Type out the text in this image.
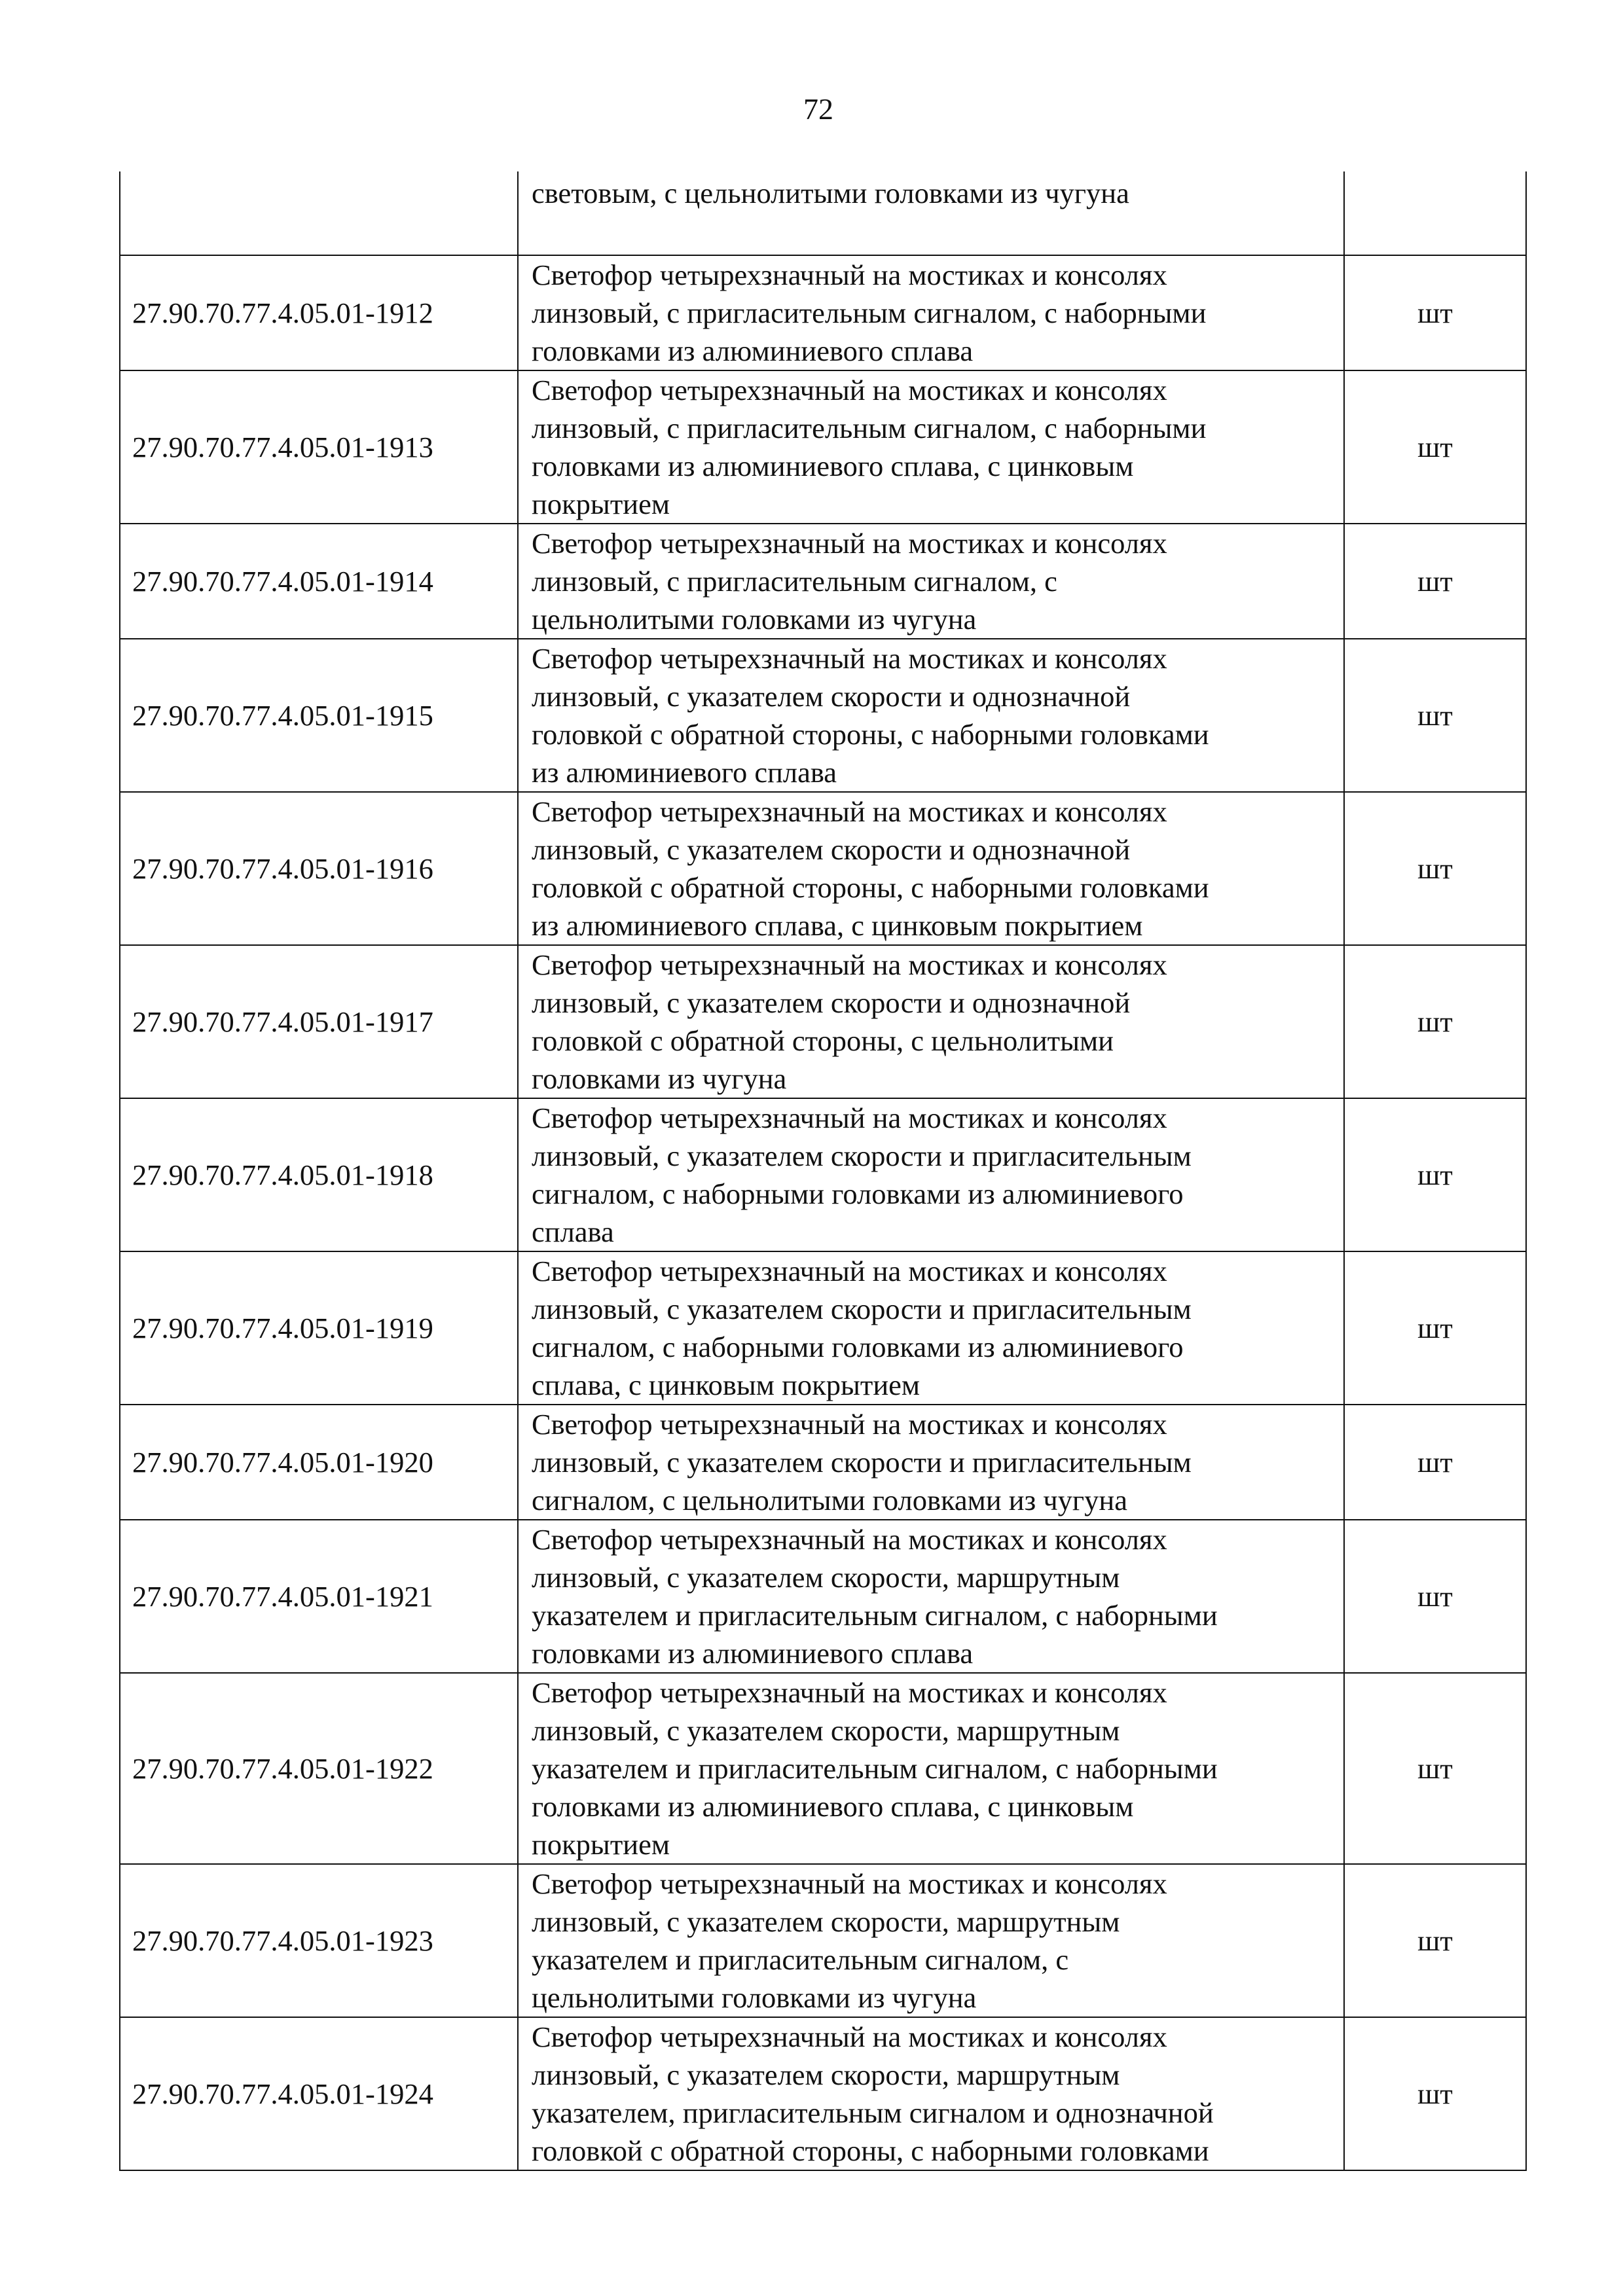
72

	световым, с цельнолитыми головками из чугуна	

27.90.70.77.4.05.01-1912	Светофор четырехзначный на мостиках и консолях
линзовый, с пригласительным сигналом, с наборными
головками из алюминиевого сплава	шт
27.90.70.77.4.05.01-1913	Светофор четырехзначный на мостиках и консолях
линзовый, с пригласительным сигналом, с наборными
головками из алюминиевого сплава, с цинковым
покрытием	шт
27.90.70.77.4.05.01-1914	Светофор четырехзначный на мостиках и консолях
линзовый, с пригласительным сигналом, с
цельнолитыми головками из чугуна	шт
27.90.70.77.4.05.01-1915	Светофор четырехзначный на мостиках и консолях
линзовый, с указателем скорости и однозначной
головкой с обратной стороны, с наборными головками
из алюминиевого сплава	шт
27.90.70.77.4.05.01-1916	Светофор четырехзначный на мостиках и консолях
линзовый, с указателем скорости и однозначной
головкой с обратной стороны, с наборными головками
из алюминиевого сплава, с цинковым покрытием	шт
27.90.70.77.4.05.01-1917	Светофор четырехзначный на мостиках и консолях
линзовый, с указателем скорости и однозначной
головкой с обратной стороны, с цельнолитыми
головками из чугуна	шт
27.90.70.77.4.05.01-1918	Светофор четырехзначный на мостиках и консолях
линзовый, с указателем скорости и пригласительным
сигналом, с наборными головками из алюминиевого
сплава	шт
27.90.70.77.4.05.01-1919	Светофор четырехзначный на мостиках и консолях
линзовый, с указателем скорости и пригласительным
сигналом, с наборными головками из алюминиевого
сплава, с цинковым покрытием	шт
27.90.70.77.4.05.01-1920	Светофор четырехзначный на мостиках и консолях
линзовый, с указателем скорости и пригласительным
сигналом, с цельнолитыми головками из чугуна	шт
27.90.70.77.4.05.01-1921	Светофор четырехзначный на мостиках и консолях
линзовый, с указателем скорости, маршрутным
указателем и пригласительным сигналом, с наборными
головками из алюминиевого сплава	шт
27.90.70.77.4.05.01-1922	Светофор четырехзначный на мостиках и консолях
линзовый, с указателем скорости, маршрутным
указателем и пригласительным сигналом, с наборными
головками из алюминиевого сплава, с цинковым
покрытием	шт
27.90.70.77.4.05.01-1923	Светофор четырехзначный на мостиках и консолях
линзовый, с указателем скорости, маршрутным
указателем и пригласительным сигналом, с
цельнолитыми головками из чугуна	шт
27.90.70.77.4.05.01-1924	Светофор четырехзначный на мостиках и консолях
линзовый, с указателем скорости, маршрутным
указателем, пригласительным сигналом и однозначной
головкой с обратной стороны, с наборными головками	шт
